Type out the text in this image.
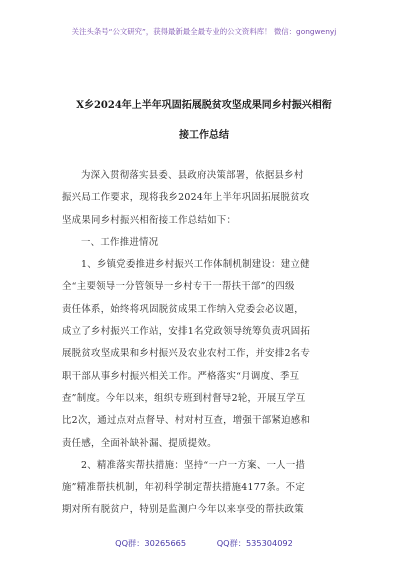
关注头条号“公文研究”，获得最新最全最专业的公文资料库！ 微信：gongwenyj
X乡2024年上半年巩固拓展脱贫攻坚成果同乡村振兴相衔
接工作总结
为深入贯彻落实县委、县政府决策部署，依据县乡村
振兴局工作要求，现将我乡2024年上半年巩固拓展脱贫攻
坚成果同乡村振兴相衔接工作总结如下：
一、工作推进情况
1、乡镇党委推进乡村振兴工作体制机制建设：建立健
全“主要领导一分管领导一乡村专干一帮扶干部”的四级
责任体系，始终将巩固脱贫成果工作纳入党委会必议题，
成立了乡村振兴工作站，安排1名党政领导统筹负责巩固拓
展脱贫攻坚成果和乡村振兴及农业农村工作，并安排2名专
职干部从事乡村振兴相关工作。严格落实“月调度、季互
查”制度。今年以来，组织专班到村督导2轮，开展互学互
比2次，通过点对点督导、村对村互查，增强干部紧迫感和
责任感，全面补缺补漏、提质提效。
2、精准落实帮扶措施：坚持“一户一方案、一人一措
施”精准帮扶机制，年初科学制定帮扶措施4177条。不定
期对所有脱贫户，特别是监测户今年以来享受的帮扶政策
QQ群：30265665	QQ群：535304092
